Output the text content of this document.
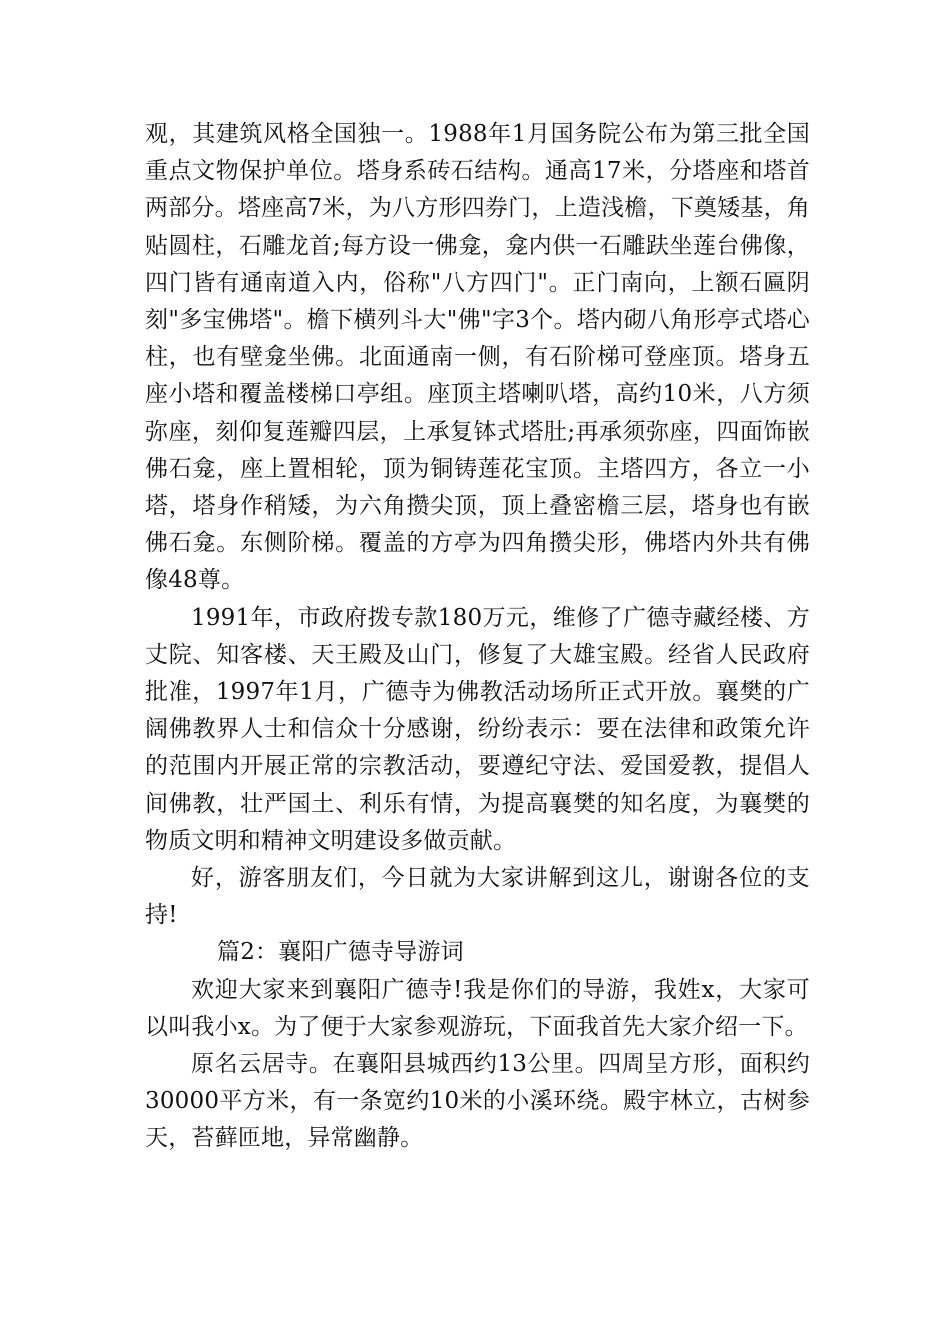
观，其建筑风格全国独一。1988年1月国务院公布为第三批全国重点文物保护单位。塔身系砖石结构。通高17米，分塔座和塔首两部分。塔座高7米，为八方形四券门，上造浅檐，下奠矮基，角贴圆柱，石雕龙首;每方设一佛龛，龛内供一石雕趺坐莲台佛像，四门皆有通南道入内，俗称"八方四门"。正门南向，上额石匾阴刻"多宝佛塔"。檐下横列斗大"佛"字3个。塔内砌八角形亭式塔心柱，也有壁龛坐佛。北面通南一侧，有石阶梯可登座顶。塔身五座小塔和覆盖楼梯口亭组。座顶主塔喇叭塔，高约10米，八方须弥座，刻仰复莲瓣四层，上承复钵式塔肚;再承须弥座，四面饰嵌佛石龛，座上置相轮，顶为铜铸莲花宝顶。主塔四方，各立一小塔，塔身作稍矮，为六角攒尖顶，顶上叠密檐三层，塔身也有嵌佛石龛。东侧阶梯。覆盖的方亭为四角攒尖形，佛塔内外共有佛像48尊。

1991年，市政府拨专款180万元，维修了广德寺藏经楼、方丈院、知客楼、天王殿及山门，修复了大雄宝殿。经省人民政府批准，1997年1月，广德寺为佛教活动场所正式开放。襄樊的广阔佛教界人士和信众十分感谢，纷纷表示：要在法律和政策允许的范围内开展正常的宗教活动，要遵纪守法、爱国爱教，提倡人间佛教，壮严国土、利乐有情，为提高襄樊的知名度，为襄樊的物质文明和精神文明建设多做贡献。

好，游客朋友们，今日就为大家讲解到这儿，谢谢各位的支持!

篇2：襄阳广德寺导游词

欢迎大家来到襄阳广德寺!我是你们的导游，我姓x，大家可以叫我小x。为了便于大家参观游玩，下面我首先大家介绍一下。

原名云居寺。在襄阳县城西约13公里。四周呈方形，面积约30000平方米，有一条宽约10米的小溪环绕。殿宇林立，古树参天，苔藓匝地，异常幽静。
